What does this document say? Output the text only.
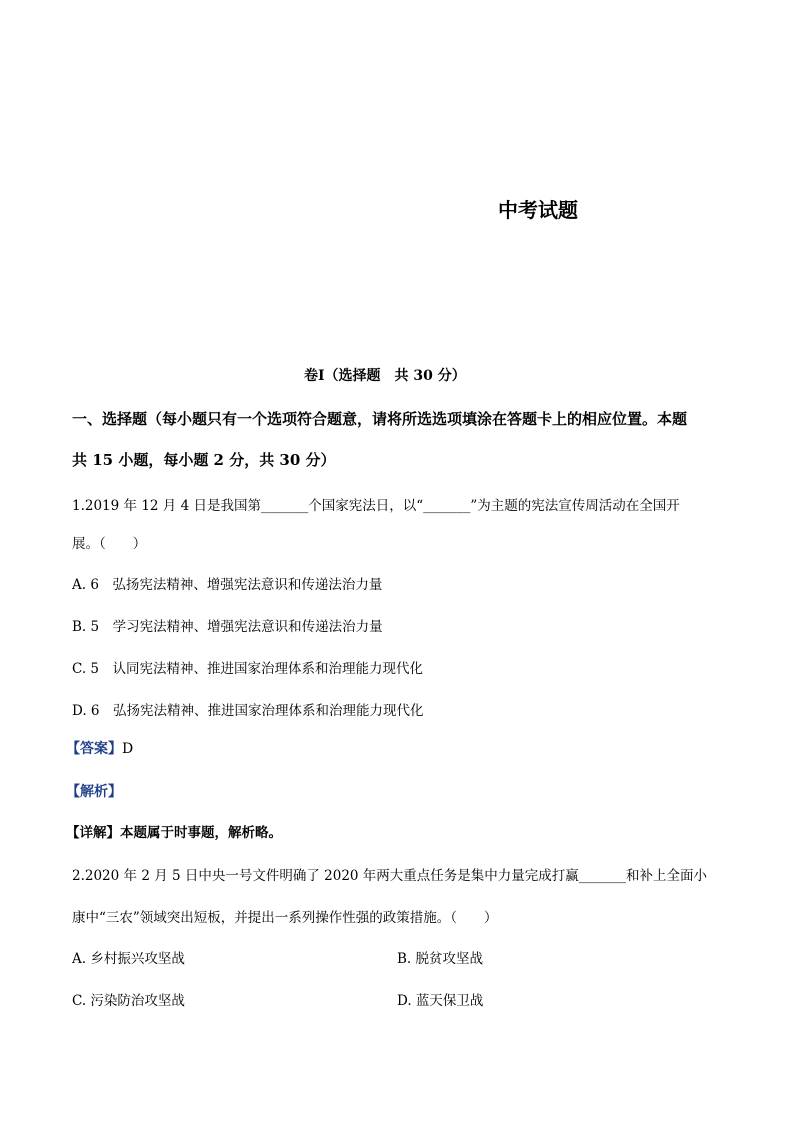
中考试题
卷Ⅰ（选择题　共 30 分）
一、选择题（每小题只有一个选项符合题意，请将所选选项填涂在答题卡上的相应位置。本题
共 15 小题，每小题 2 分，共 30 分）
1.2019 年 12 月 4 日是我国第_______个国家宪法日，以“_______”为主题的宪法宣传周活动在全国开
展。（　　）
A. 6　弘扬宪法精神、增强宪法意识和传递法治力量
B. 5　学习宪法精神、增强宪法意识和传递法治力量
C. 5　认同宪法精神、推进国家治理体系和治理能力现代化
D. 6　弘扬宪法精神、推进国家治理体系和治理能力现代化
【答案】D
【解析】
【详解】本题属于时事题，解析略。
2.2020 年 2 月 5 日中央一号文件明确了 2020 年两大重点任务是集中力量完成打赢_______和补上全面小
康中“三农”领域突出短板，并提出一系列操作性强的政策措施。（　　）
A. 乡村振兴攻坚战	B. 脱贫攻坚战
C. 污染防治攻坚战	D. 蓝天保卫战
